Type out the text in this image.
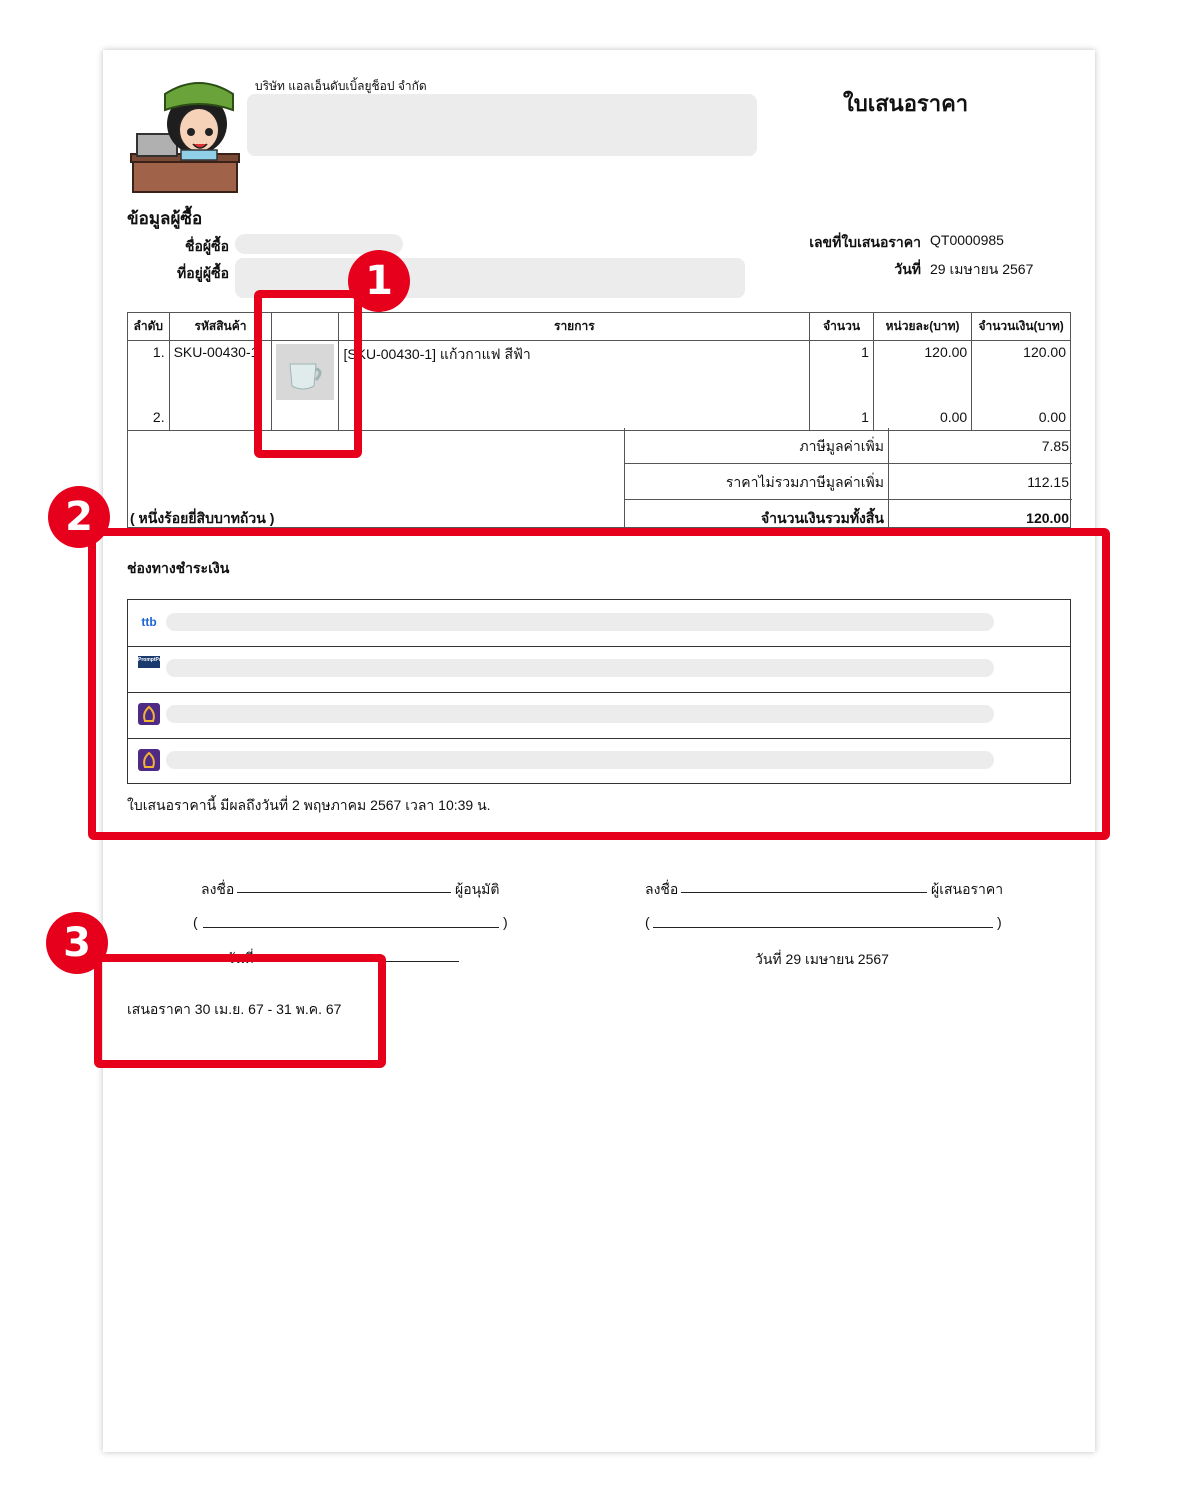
บริษัท แอลเอ็นดับเบิ้ลยูช็อป จำกัด
ใบเสนอราคา
ข้อมูลผู้ซื้อ
ชื่อผู้ซื้อ
ที่อยู่ผู้ซื้อ
เลขที่ใบเสนอราคา QT0000985
วันที่ 29 เมษายน 2567
ลำดับ	รหัสสินค้า		รายการ	จำนวน	หน่วยละ(บาท)	จำนวนเงิน(บาท)
1.	SKU-00430-1		[SKU-00430-1] แก้วกาแฟ สีฟ้า	1	120.00	120.00
2.				1	0.00	0.00
ภาษีมูลค่าเพิ่ม	7.85
ราคาไม่รวมภาษีมูลค่าเพิ่ม	112.15
จำนวนเงินรวมทั้งสิ้น	120.00
( หนึ่งร้อยยี่สิบบาทถ้วน )
ช่องทางชำระเงิน
ttb
PromptPay
ใบเสนอราคานี้ มีผลถึงวันที่ 2 พฤษภาคม 2567 เวลา 10:39 น.
ลงชื่อ	ผู้อนุมัติ
(	)
วันที่
ลงชื่อ	ผู้เสนอราคา
(	)
วันที่ 29 เมษายน 2567
เสนอราคา 30 เม.ย. 67 - 31 พ.ค. 67
1
2
3
